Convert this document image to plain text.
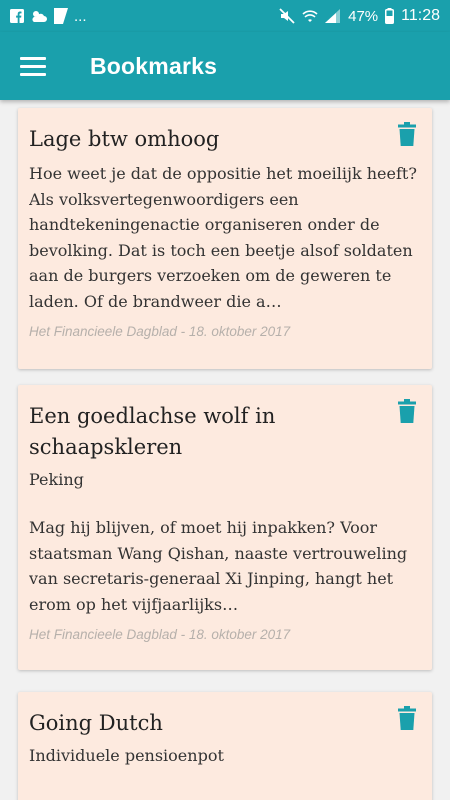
...	47% 11:28
Bookmarks
Lage btw omhoog
Hoe weet je dat de oppositie het moeilijk heeft? Als volksvertegenwoordigers een handtekeningenactie organiseren onder de bevolking. Dat is toch een beetje alsof soldaten aan de burgers verzoeken om de geweren te laden. Of de brandweer die a…
Het Financieele Dagblad - 18. oktober 2017
Een goedlachse wolf in schaapskleren
Peking
Mag hij blijven, of moet hij inpakken? Voor staatsman Wang Qishan, naaste vertrouweling van secretaris-generaal Xi Jinping, hangt het erom op het vijfjaarlijks…
Het Financieele Dagblad - 18. oktober 2017
Going Dutch
Individuele pensioenpot
